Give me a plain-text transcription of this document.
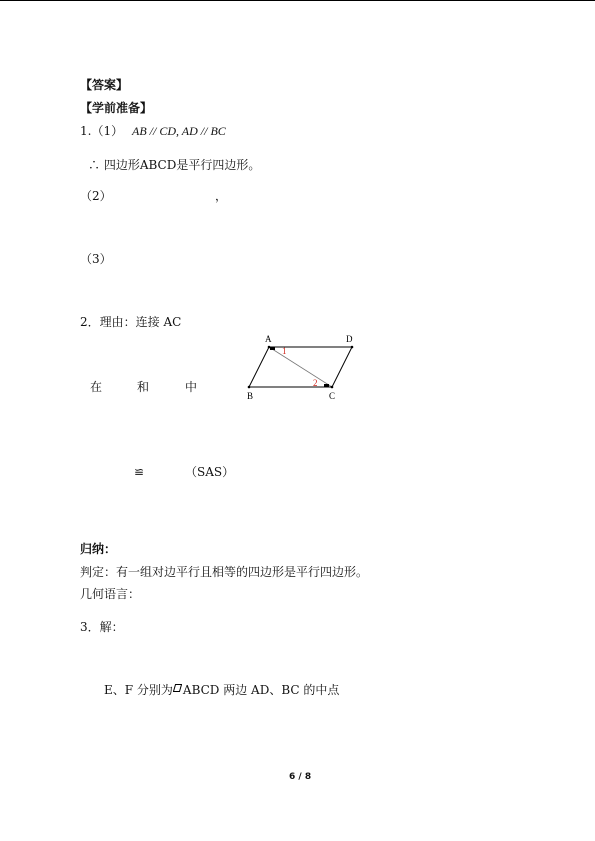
【答案】
【学前准备】
1.（1） AB // CD, AD // BC
∴ 四边形ABCD是平行四边形。
（2）	，
（3）
2．理由：连接 AC
在	和	中
A	D
B	C
1
2
≌	（SAS）
归纳：
判定：有一组对边平行且相等的四边形是平行四边形。
几何语言：
3．解：
E、F 分别为 ABCD 两边 AD、BC 的中点
6 / 8
